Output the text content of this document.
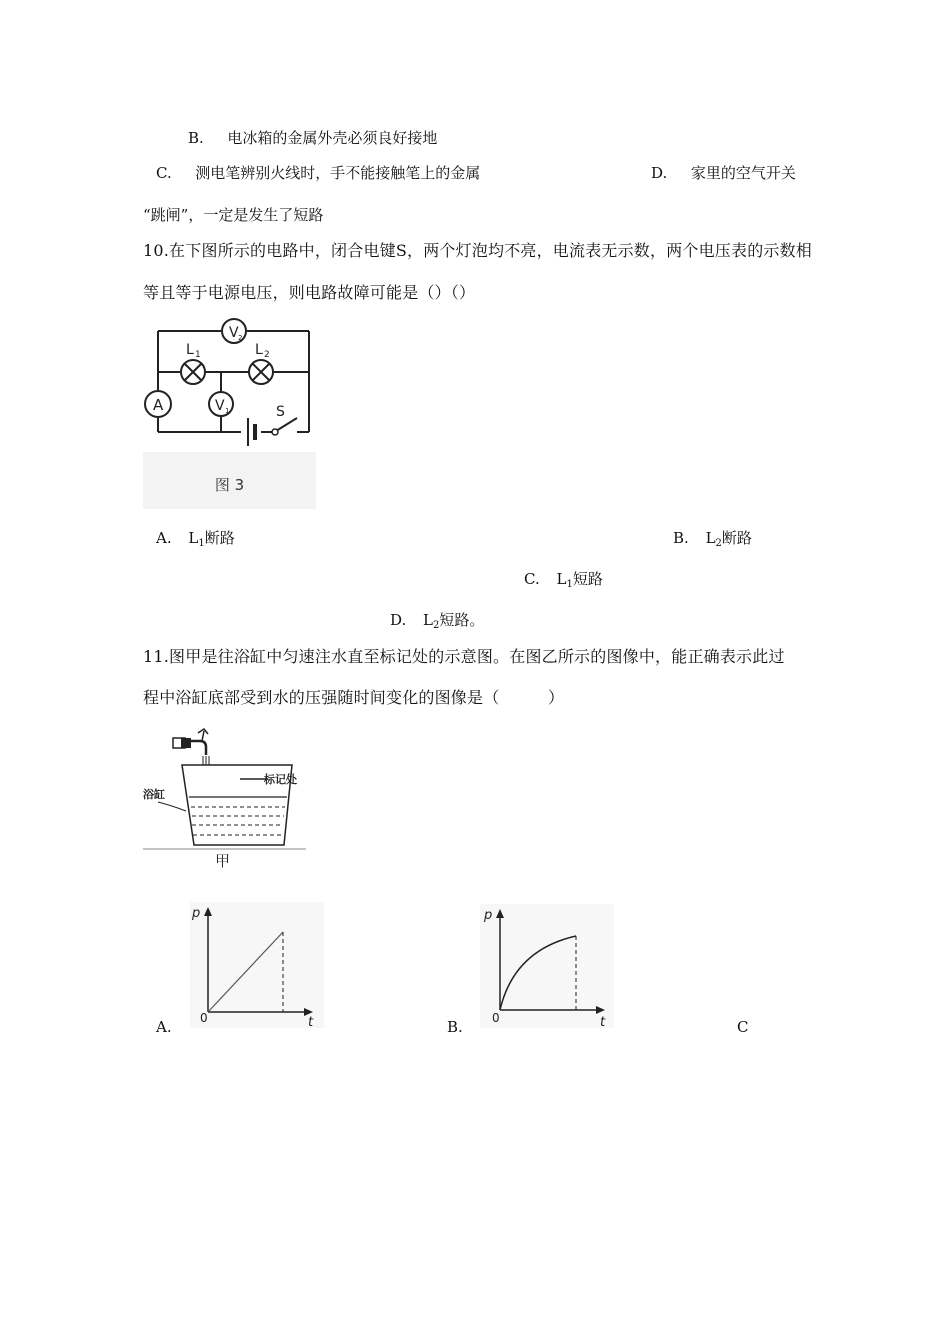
B. 电冰箱的金属外壳必须良好接地
C. 测电笔辨别火线时，手不能接触笔上的金属	D. 家里的空气开关
“跳闸”，一定是发生了短路
10.在下图所示的电路中，闭合电键S，两个灯泡均不亮，电流表无示数，两个电压表的示数相
等且等于电源电压，则电路故障可能是（）（）
V 2
L 1	L 2
A	V 1	S
图 3
A. $L_1$断路	B. $L_2$断路
C. $L_1$短路
D. $L_2$短路。
11.图甲是往浴缸中匀速注水直至标记处的示意图。在图乙所示的图像中，能正确表示此过
程中浴缸底部受到水的压强随时间变化的图像是（　　　）
标记处
浴缸
甲
A.
p
t
0	B.
p
t
0	C
